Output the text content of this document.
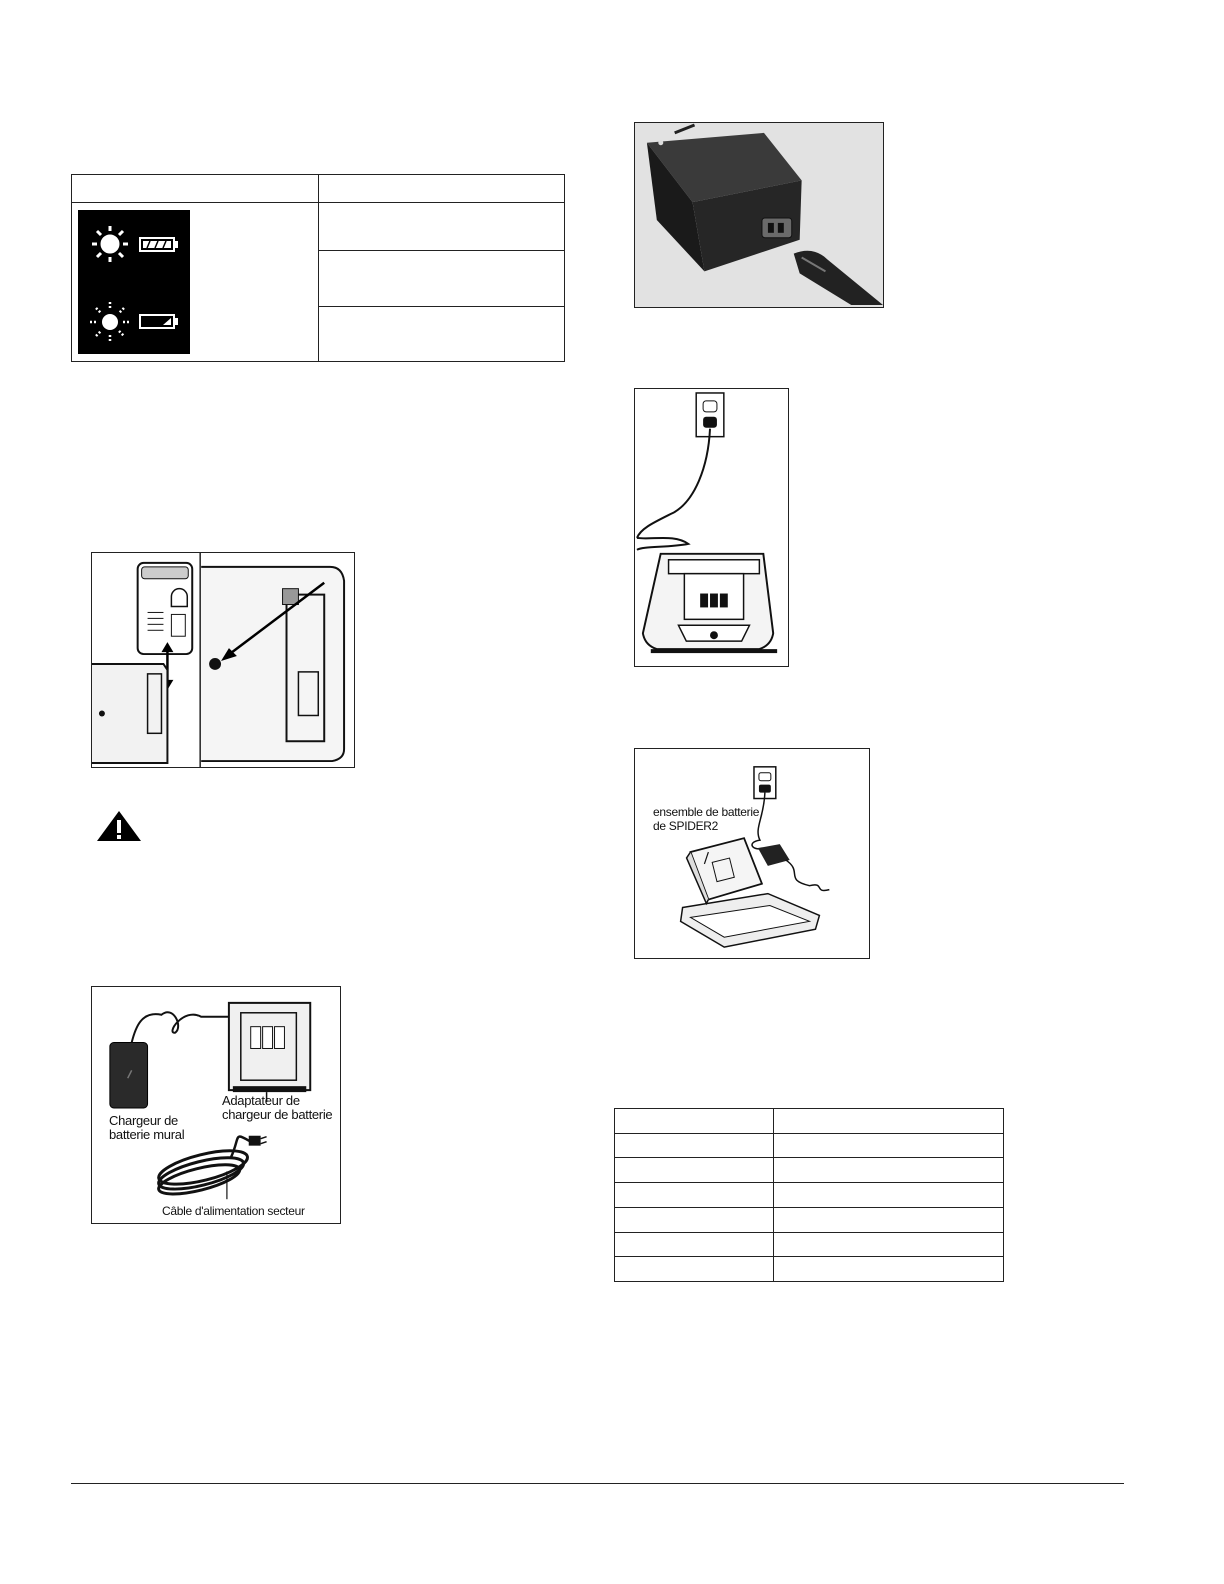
Chargeur de
batterie mural
Adaptateur de
chargeur de batterie
Câble d'alimentation secteur
ensemble de batterie
de SPIDER2
